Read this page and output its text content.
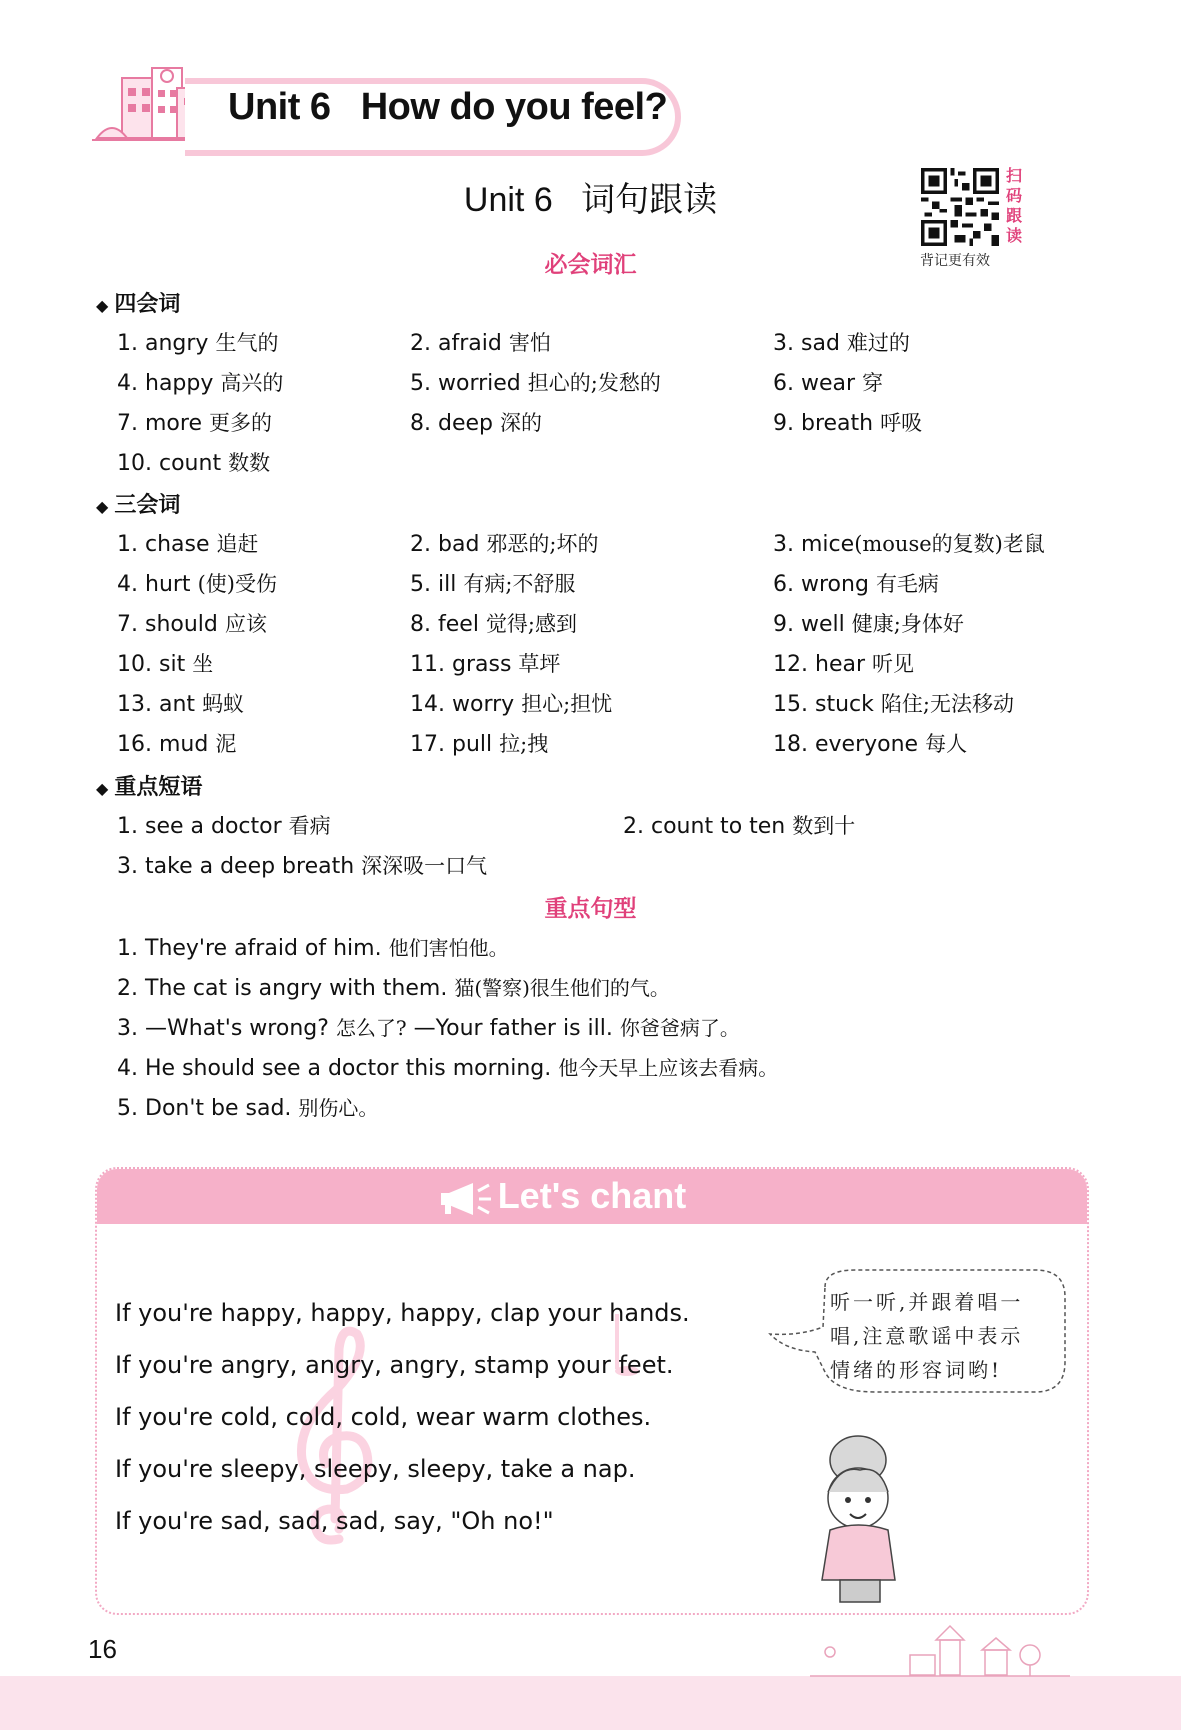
Unit 6   How do you feel?
Unit 6   词句跟读
扫
码
跟
读
背记更有效
必会词汇
◆ 四会词
1. angry 生气的	2. afraid 害怕	3. sad 难过的
4. happy 高兴的	5. worried 担心的;发愁的	6. wear 穿
7. more 更多的	8. deep 深的	9. breath 呼吸
10. count 数数
◆ 三会词
1. chase 追赶	2. bad 邪恶的;坏的	3. mice(mouse的复数)老鼠
4. hurt (使)受伤	5. ill 有病;不舒服	6. wrong 有毛病
7. should 应该	8. feel 觉得;感到	9. well 健康;身体好
10. sit 坐	11. grass 草坪	12. hear 听见
13. ant 蚂蚁	14. worry 担心;担忧	15. stuck 陷住;无法移动
16. mud 泥	17. pull 拉;拽	18. everyone 每人
◆ 重点短语
1. see a doctor 看病	2. count to ten 数到十
3. take a deep breath 深深吸一口气
重点句型
1. They're afraid of him. 他们害怕他。
2. The cat is angry with them. 猫(警察)很生他们的气。
3. —What's wrong? 怎么了? —Your father is ill. 你爸爸病了。
4. He should see a doctor this morning. 他今天早上应该去看病。
5. Don't be sad. 别伤心。
Let's chant
If you're happy, happy, happy, clap your hands.
If you're angry, angry, angry, stamp your feet.
If you're cold, cold, cold, wear warm clothes.
If you're sleepy, sleepy, sleepy, take a nap.
If you're sad, sad, sad, say, "Oh no!"
听一听,并跟着唱一唱,注意歌谣中表示情绪的形容词哟!
16
